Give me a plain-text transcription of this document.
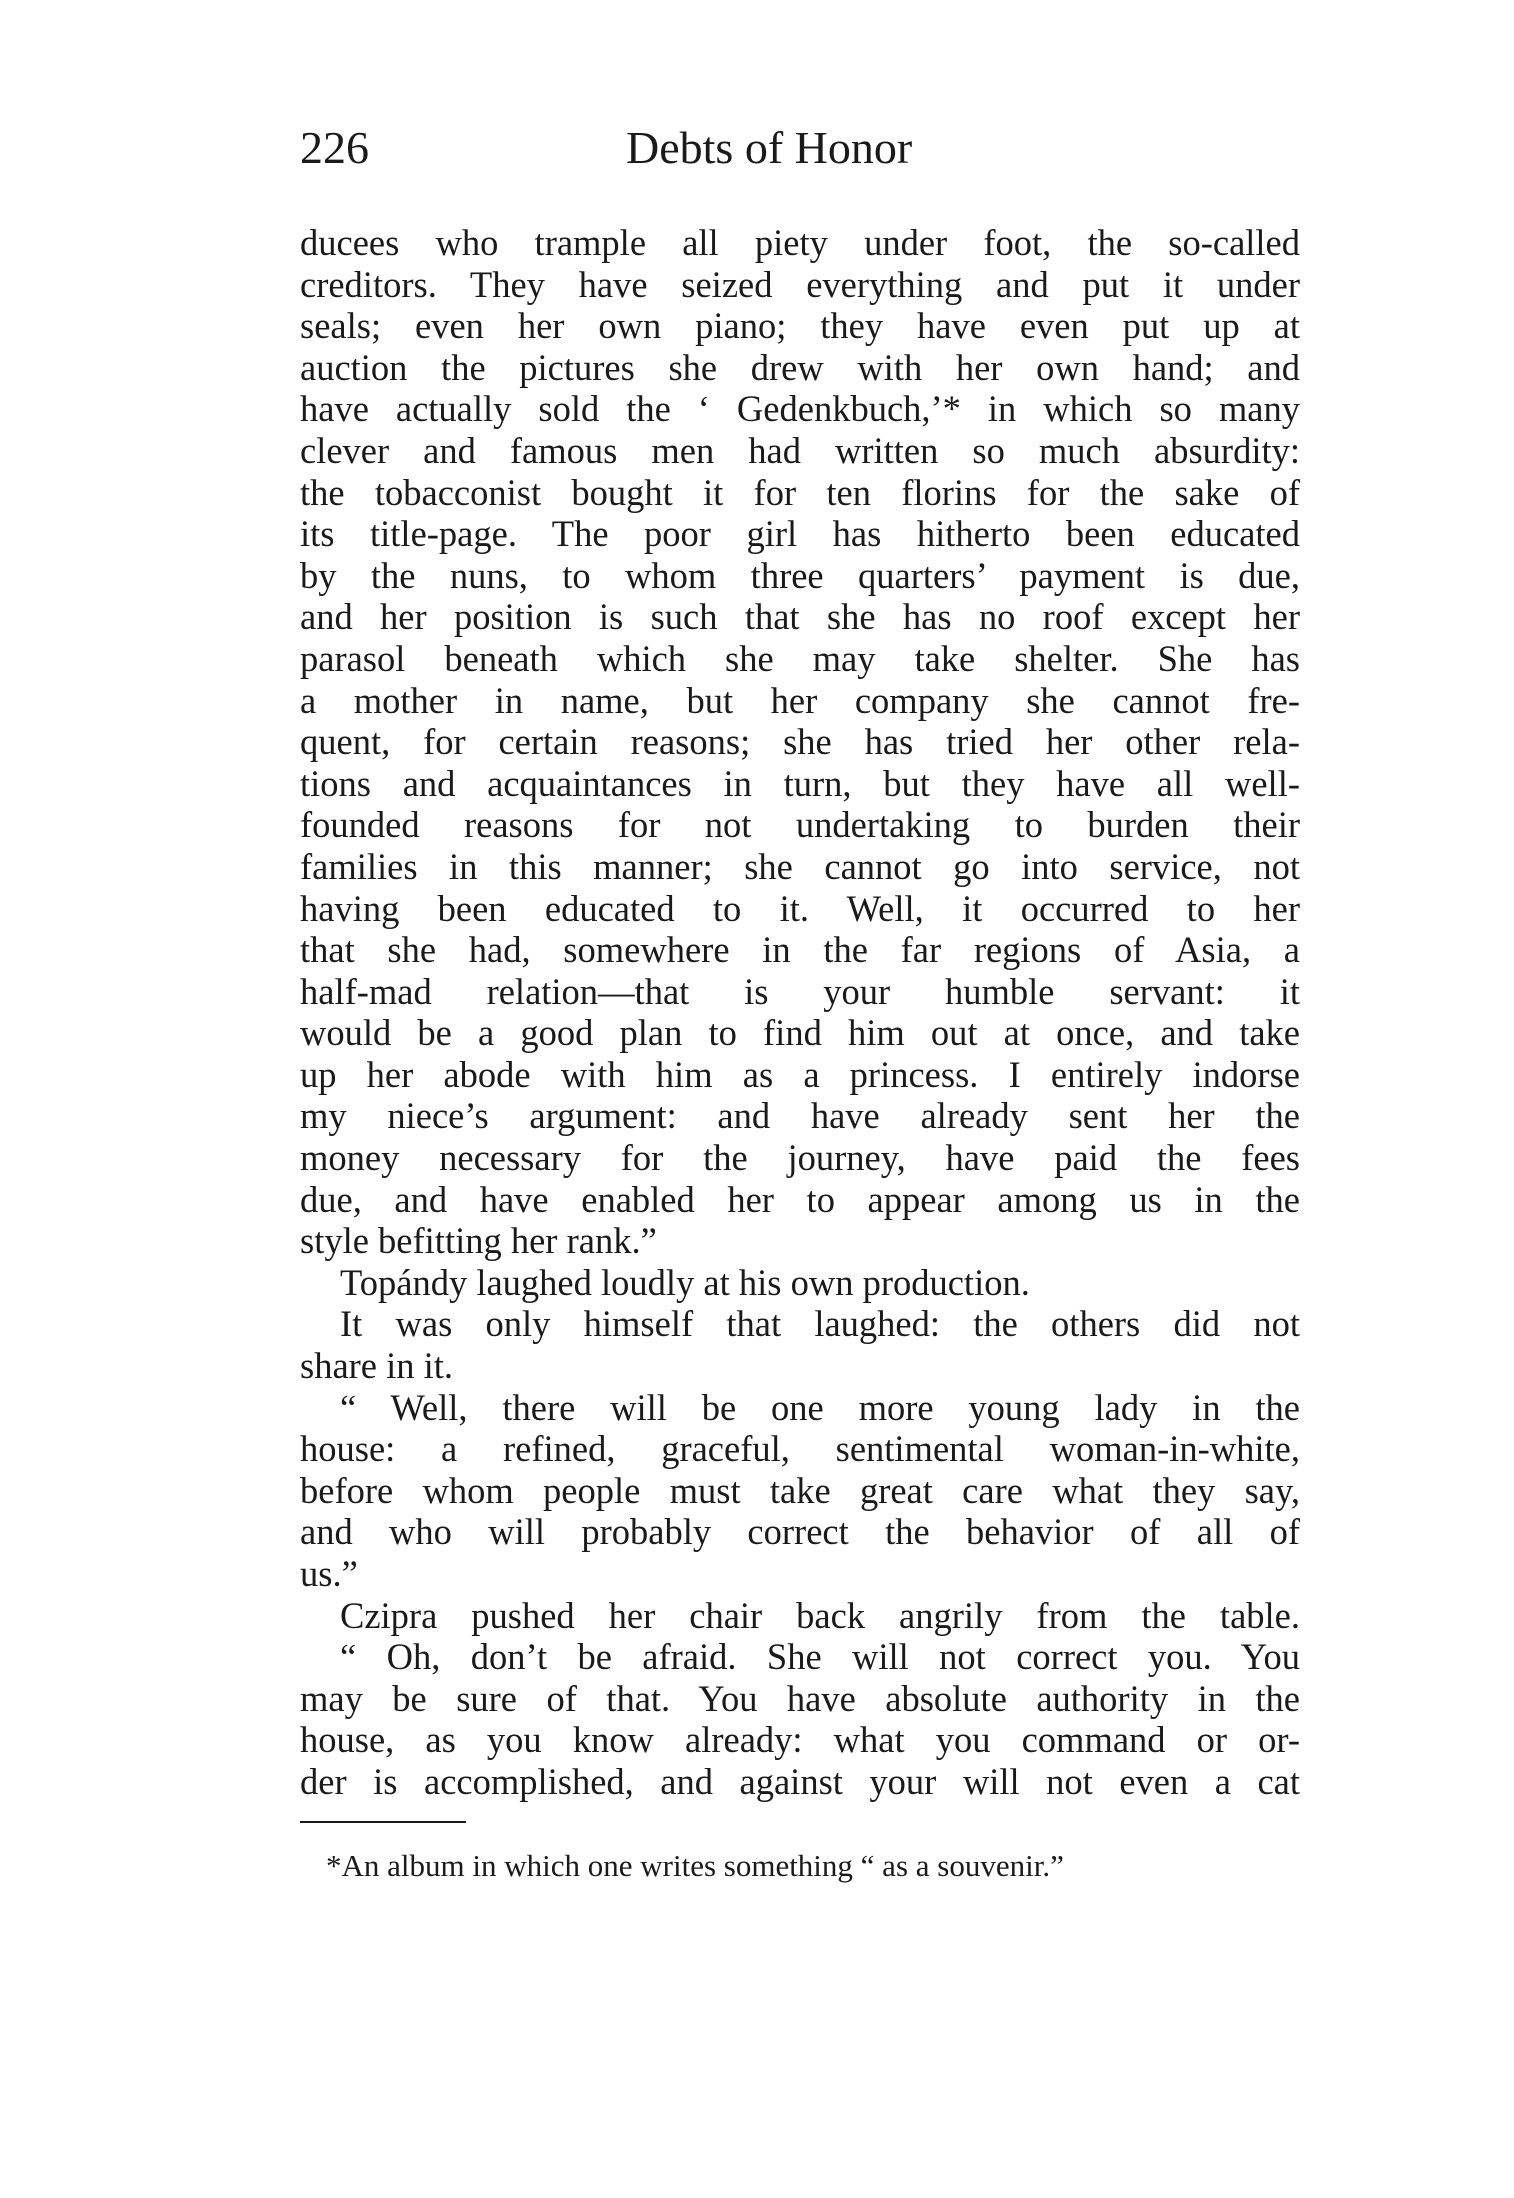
226	Debts of Honor
ducees who trample all piety under foot, the so-called
creditors. They have seized everything and put it under
seals; even her own piano; they have even put up at
auction the pictures she drew with her own hand; and
have actually sold the ‘ Gedenkbuch,’* in which so many
clever and famous men had written so much absurdity:
the tobacconist bought it for ten florins for the sake of
its title-page. The poor girl has hitherto been educated
by the nuns, to whom three quarters’ payment is due,
and her position is such that she has no roof except her
parasol beneath which she may take shelter. She has
a mother in name, but her company she cannot fre-
quent, for certain reasons; she has tried her other rela-
tions and acquaintances in turn, but they have all well-
founded reasons for not undertaking to burden their
families in this manner; she cannot go into service, not
having been educated to it. Well, it occurred to her
that she had, somewhere in the far regions of Asia, a
half-mad relation—that is your humble servant: it
would be a good plan to find him out at once, and take
up her abode with him as a princess. I entirely indorse
my niece’s argument: and have already sent her the
money necessary for the journey, have paid the fees
due, and have enabled her to appear among us in the
style befitting her rank.”
Topándy laughed loudly at his own production.
It was only himself that laughed: the others did not
share in it.
“ Well, there will be one more young lady in the
house: a refined, graceful, sentimental woman-in-white,
before whom people must take great care what they say,
and who will probably correct the behavior of all of
us.”
Czipra pushed her chair back angrily from the table.
“ Oh, don’t be afraid. She will not correct you. You
may be sure of that. You have absolute authority in the
house, as you know already: what you command or or-
der is accomplished, and against your will not even a cat
*An album in which one writes something “ as a souvenir.”
